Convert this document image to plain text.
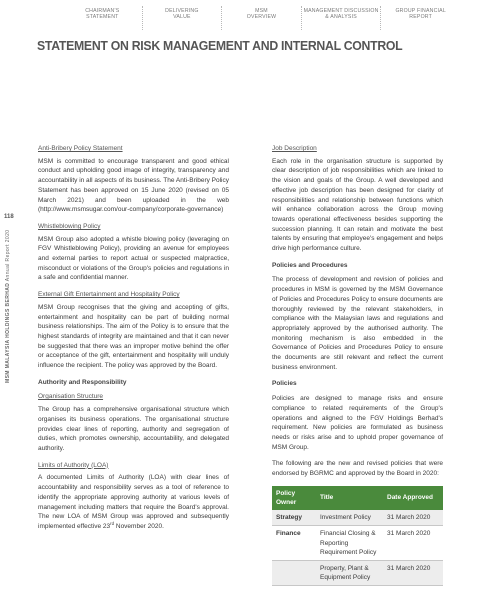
CHAIRMAN'S
STATEMENT
DELIVERING
VALUE
MSM
OVERVIEW
MANAGEMENT DISCUSSION
& ANALYSIS
GROUP FINANCIAL
REPORT
STATEMENT ON RISK MANAGEMENT AND INTERNAL CONTROL
118
MSM MALAYSIA HOLDINGS BERHAD Annual Report 2020
Anti-Bribery Policy Statement

MSM is committed to encourage transparent and good ethical conduct and upholding good image of integrity, transparency and accountability in all aspects of its business. The Anti-Bribery Policy Statement has been approved on 15 June 2020 (revised on 05 March 2021) and been uploaded in the web (http://www.msmsugar.com/our-company/corporate-governance)

Whistleblowing Policy

MSM Group also adopted a whistle blowing policy (leveraging on FGV Whistleblowing Policy), providing an avenue for employees and external parties to report actual or suspected malpractice, misconduct or violations of the Group's policies and regulations in a safe and confidential manner.

External Gift Entertainment and Hospitality Policy

MSM Group recognises that the giving and accepting of gifts, entertainment and hospitality can be part of building normal business relationships. The aim of the Policy is to ensure that the highest standards of integrity are maintained and that it can never be suggested that there was an improper motive behind the offer or acceptance of the gift, entertainment and hospitality will unduly influence the recipient. The policy was approved by the Board.

Authority and Responsibility
Organisation Structure

The Group has a comprehensive organisational structure which organises its business operations. The organisational structure provides clear lines of reporting, authority and segregation of duties, which promotes ownership, accountability, and delegated authority.

Limits of Authority (LOA)

A documented Limits of Authority (LOA) with clear lines of accountability and responsibility serves as a tool of reference to identify the appropriate approving authority at various levels of management including matters that require the Board's approval. The new LOA of MSM Group was approved and subsequently implemented effective 23rd November 2020.

Job Description

Each role in the organisation structure is supported by clear description of job responsibilities which are linked to the vision and goals of the Group. A well developed and effective job description has been designed for clarity of responsibilities and relationship between functions which will enhance collaboration across the Group moving towards operational effectiveness besides supporting the succession planning. It can retain and motivate the best talents by ensuring that employee's engagement and helps drive high performance culture.

Policies and Procedures

The process of development and revision of policies and procedures in MSM is governed by the MSM Governance of Policies and Procedures Policy to ensure documents are thoroughly reviewed by the relevant stakeholders, in compliance with the Malaysian laws and regulations and appropriately approved by the authorised authority. The monitoring mechanism is also embedded in the Governance of Policies and Procedures Policy to ensure the documents are still relevant and reflect the current business environment.

Policies

Policies are designed to manage risks and ensure compliance to related requirements of the Group's operations and aligned to the FGV Holdings Berhad's requirement. New policies are formulated as business needs or risks arise and to uphold proper governance of MSM Group.

The following are the new and revised policies that were endorsed by BGRMC and approved by the Board in 2020:

Policy Owner	Title	Date Approved
Strategy	Investment Policy	31 March 2020
Finance	Financial Closing & Reporting Requirement Policy	31 March 2020
	Property, Plant & Equipment Policy	31 March 2020
